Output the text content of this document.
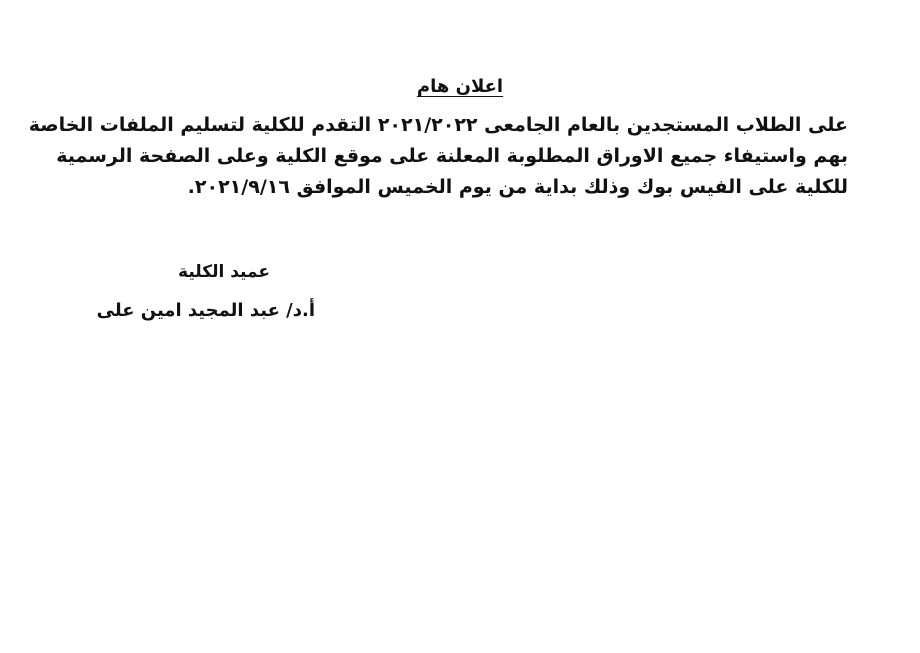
اعلان هام

على الطلاب المستجدين بالعام الجامعى ٢٠٢١/٢٠٢٢ التقدم للكلية لتسليم الملفات الخاصة

بهم واستيفاء جميع الاوراق المطلوبة المعلنة على موقع الكلية وعلى الصفحة الرسمية

للكلية على الفيس بوك وذلك بداية من يوم الخميس الموافق ٢٠٢١/٩/١٦.

عميد الكلية
أ.د/ عبد المجيد امين على
